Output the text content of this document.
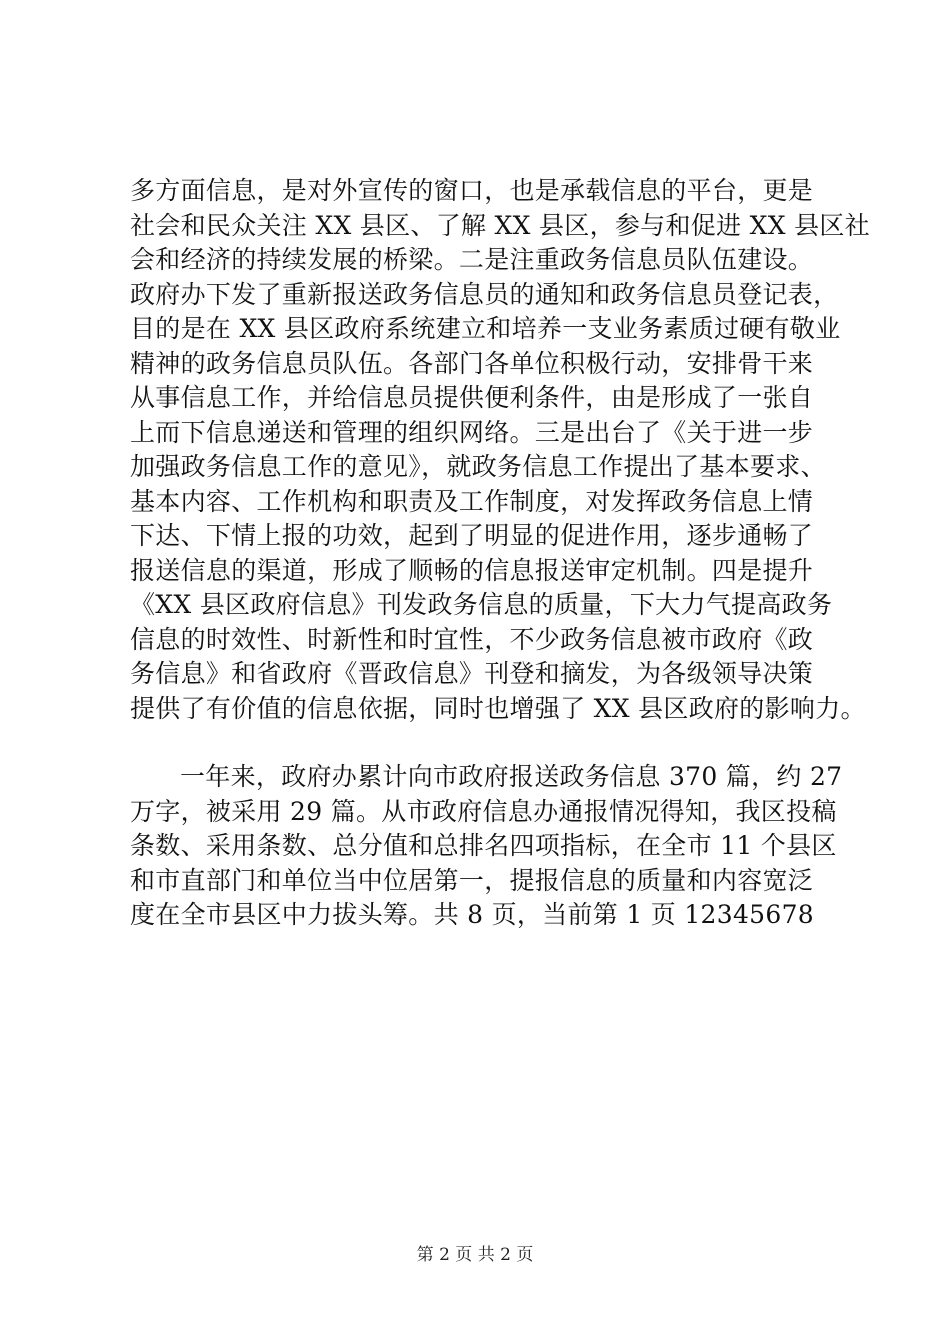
多方面信息，是对外宣传的窗口，也是承载信息的平台，更是
社会和民众关注 XX 县区、了解 XX 县区，参与和促进 XX 县区社
会和经济的持续发展的桥梁。二是注重政务信息员队伍建设。
政府办下发了重新报送政务信息员的通知和政务信息员登记表，
目的是在 XX 县区政府系统建立和培养一支业务素质过硬有敬业
精神的政务信息员队伍。各部门各单位积极行动，安排骨干来
从事信息工作，并给信息员提供便利条件，由是形成了一张自
上而下信息递送和管理的组织网络。三是出台了《关于进一步
加强政务信息工作的意见》，就政务信息工作提出了基本要求、
基本内容、工作机构和职责及工作制度，对发挥政务信息上情
下达、下情上报的功效，起到了明显的促进作用，逐步通畅了
报送信息的渠道，形成了顺畅的信息报送审定机制。四是提升
《XX 县区政府信息》刊发政务信息的质量，下大力气提高政务
信息的时效性、时新性和时宜性，不少政务信息被市政府《政
务信息》和省政府《晋政信息》刊登和摘发，为各级领导决策
提供了有价值的信息依据，同时也增强了 XX 县区政府的影响力。
一年来，政府办累计向市政府报送政务信息 370 篇，约 27
万字，被采用 29 篇。从市政府信息办通报情况得知，我区投稿
条数、采用条数、总分值和总排名四项指标，在全市 11 个县区
和市直部门和单位当中位居第一，提报信息的质量和内容宽泛
度在全市县区中力拔头筹。共 8 页，当前第 1 页 12345678
第 2 页 共 2 页
